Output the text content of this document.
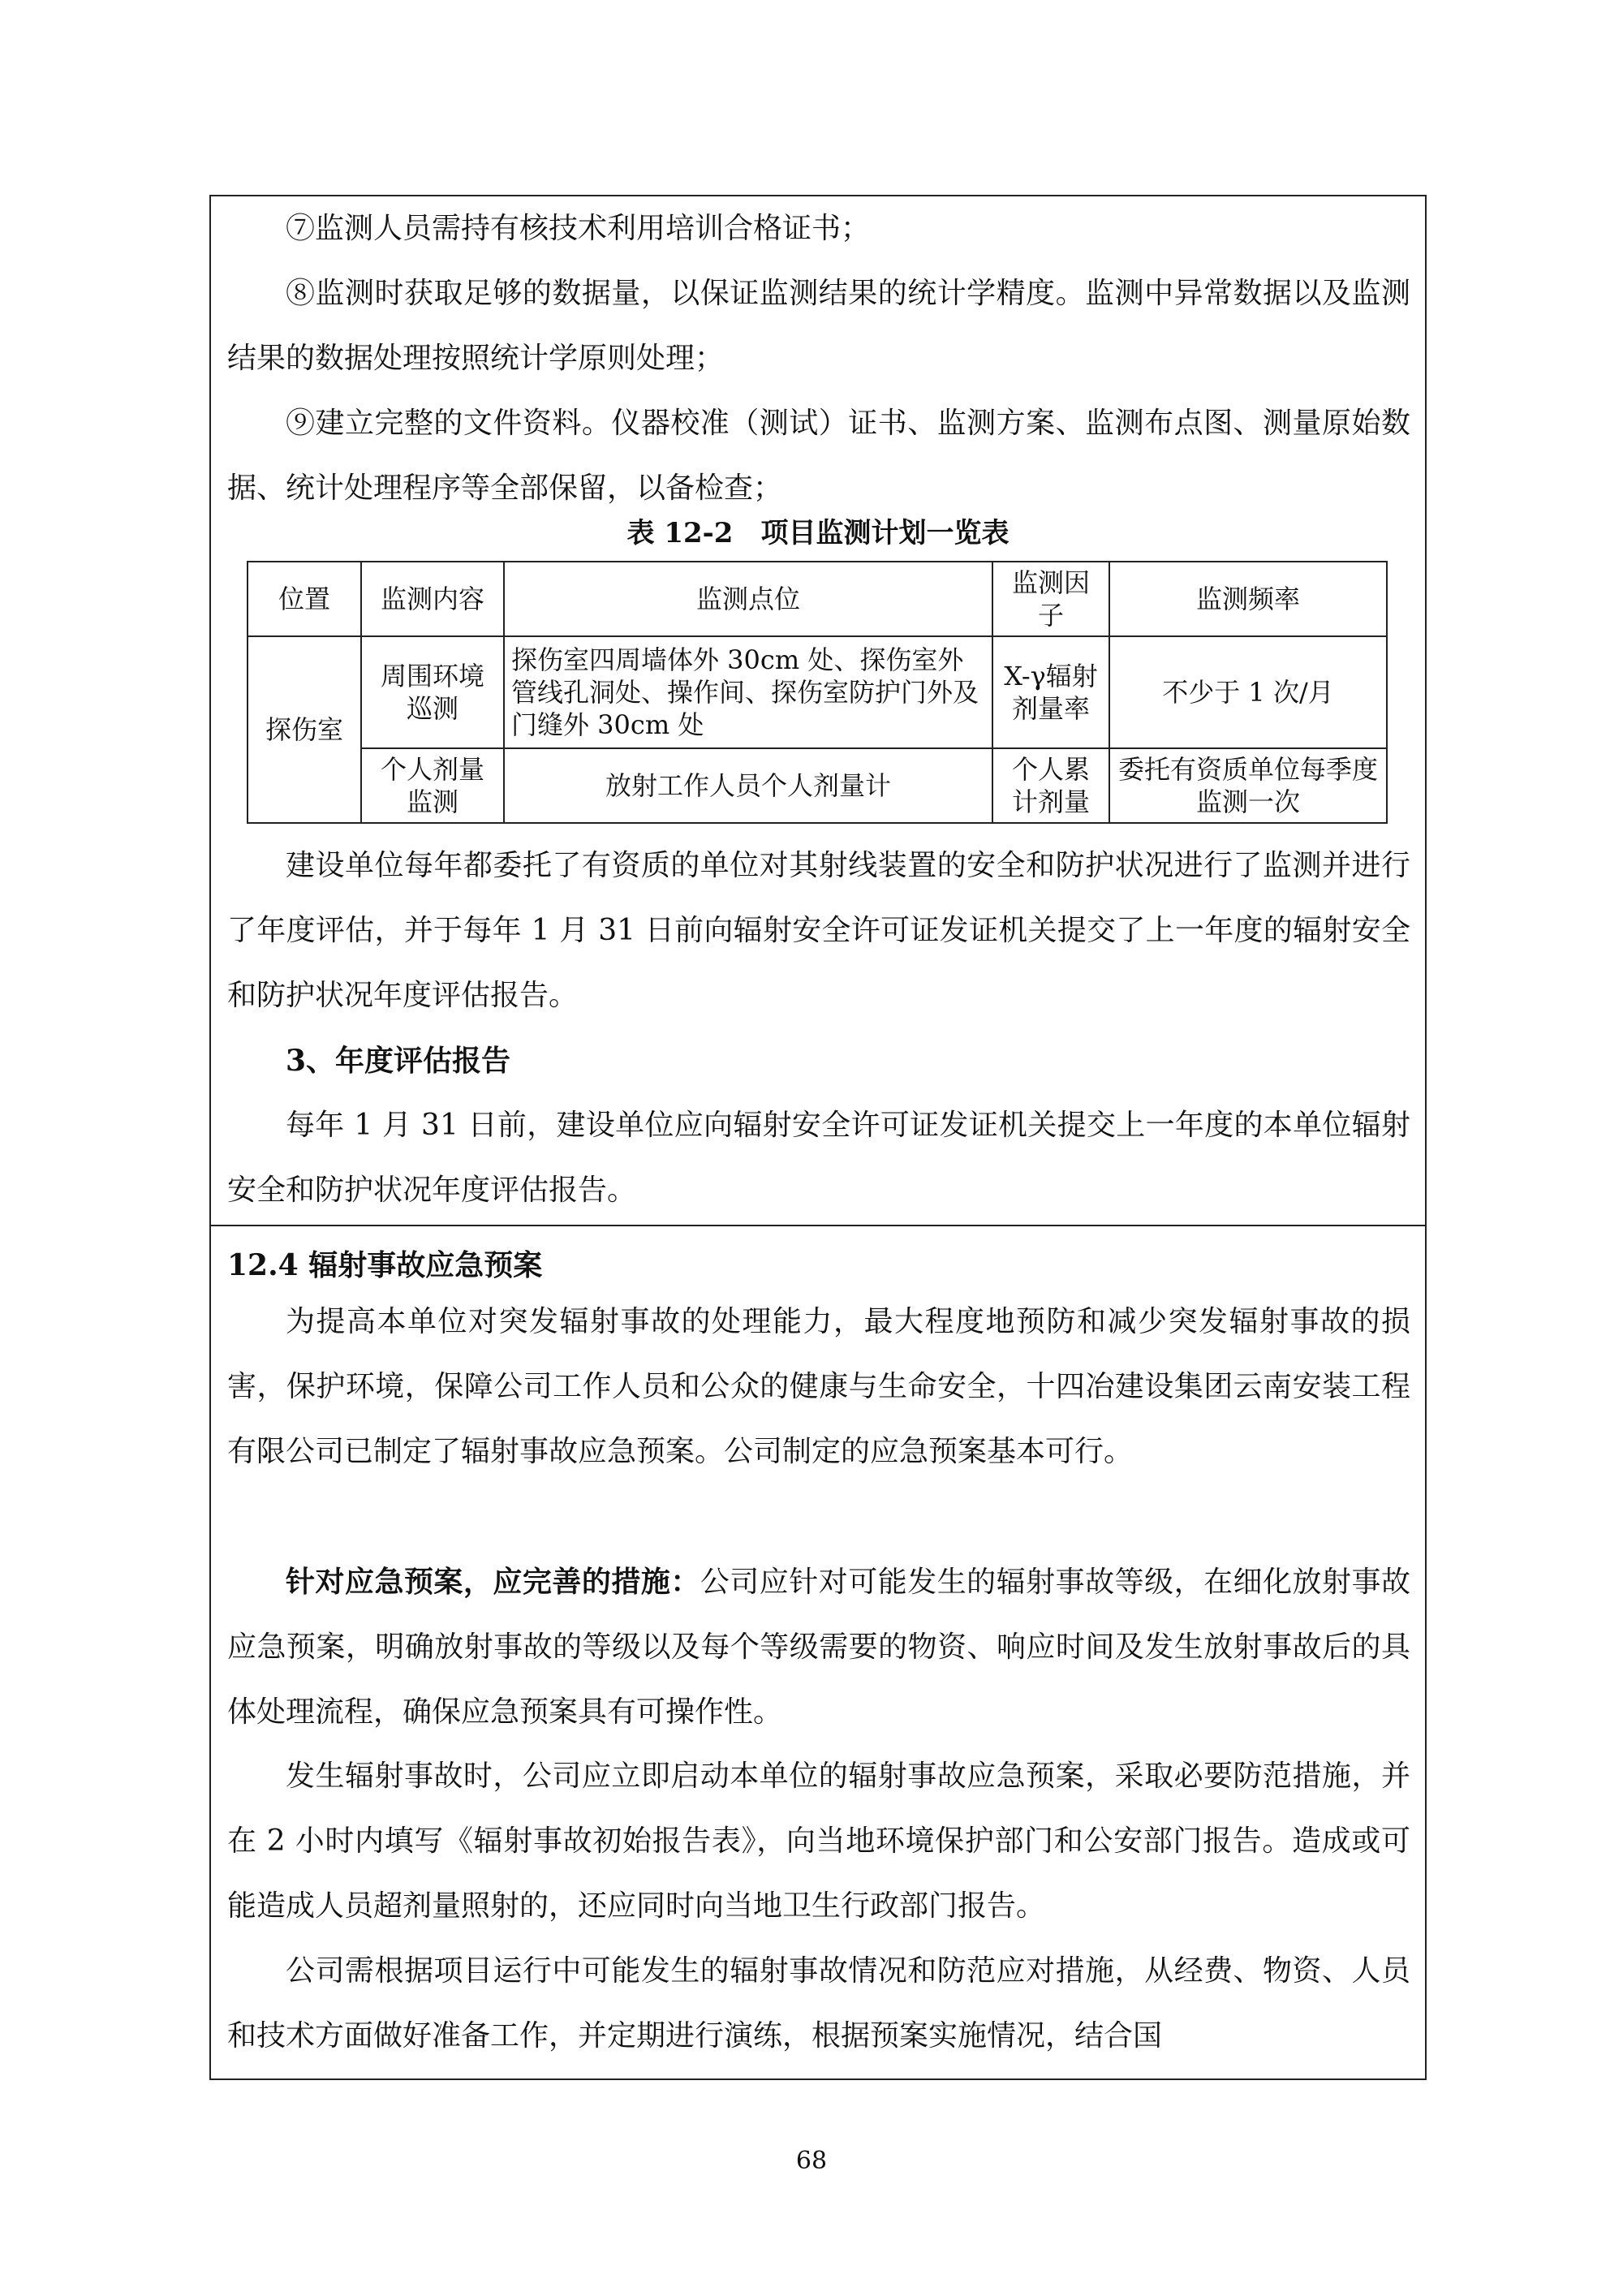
⑦监测人员需持有核技术利用培训合格证书；

⑧监测时获取足够的数据量，以保证监测结果的统计学精度。监测中异常数据以及监测结果的数据处理按照统计学原则处理；

⑨建立完整的文件资料。仪器校准（测试）证书、监测方案、监测布点图、测量原始数据、统计处理程序等全部保留，以备检查；

表 12-2　项目监测计划一览表

位置	监测内容	监测点位	监测因子	监测频率
探伤室	周围环境巡测	探伤室四周墙体外 30cm 处、探伤室外管线孔洞处、操作间、探伤室防护门外及门缝外 30cm 处	X-γ辐射剂量率	不少于 1 次/月
	个人剂量监测	放射工作人员个人剂量计	个人累计剂量	委托有资质单位每季度监测一次

建设单位每年都委托了有资质的单位对其射线装置的安全和防护状况进行了监测并进行了年度评估，并于每年 1 月 31 日前向辐射安全许可证发证机关提交了上一年度的辐射安全和防护状况年度评估报告。

3、年度评估报告

每年 1 月 31 日前，建设单位应向辐射安全许可证发证机关提交上一年度的本单位辐射安全和防护状况年度评估报告。

12.4 辐射事故应急预案

为提高本单位对突发辐射事故的处理能力，最大程度地预防和减少突发辐射事故的损害，保护环境，保障公司工作人员和公众的健康与生命安全，十四冶建设集团云南安装工程有限公司已制定了辐射事故应急预案。公司制定的应急预案基本可行。

针对应急预案，应完善的措施：公司应针对可能发生的辐射事故等级，在细化放射事故应急预案，明确放射事故的等级以及每个等级需要的物资、响应时间及发生放射事故后的具体处理流程，确保应急预案具有可操作性。

发生辐射事故时，公司应立即启动本单位的辐射事故应急预案，采取必要防范措施，并在 2 小时内填写《辐射事故初始报告表》，向当地环境保护部门和公安部门报告。造成或可能造成人员超剂量照射的，还应同时向当地卫生行政部门报告。

公司需根据项目运行中可能发生的辐射事故情况和防范应对措施，从经费、物资、人员和技术方面做好准备工作，并定期进行演练，根据预案实施情况，结合国

68
